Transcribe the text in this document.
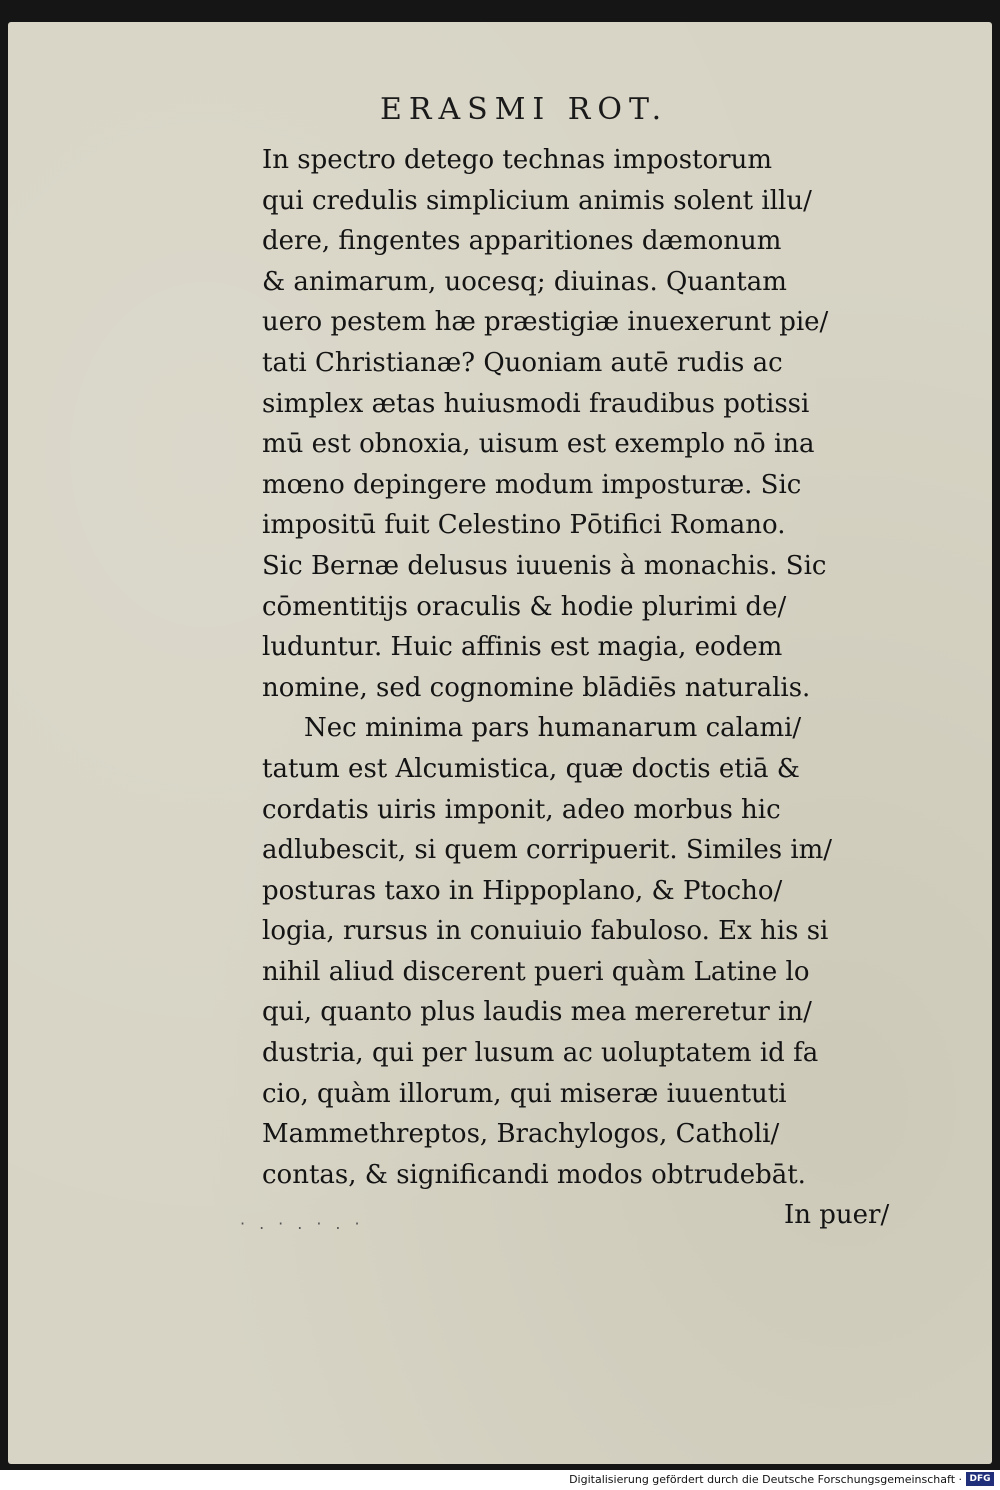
ERASMI ROT.
In spectro detego technas impostorum
qui credulis simplicium animis solent illu/
dere, fingentes apparitiones dæmonum
& animarum, uocesq; diuinas. Quantam
uero pestem hæ præstigiæ inuexerunt pie/
tati Christianæ? Quoniam autē rudis ac
simplex ætas huiusmodi fraudibus potissi
mū est obnoxia, uisum est exemplo nō ina
mœno depingere modum imposturæ. Sic
impositū fuit Celestino Pōtifici Romano.
Sic Bernæ delusus iuuenis à monachis. Sic
cōmentitijs oraculis & hodie plurimi de/
luduntur. Huic affinis est magia, eodem
nomine, sed cognomine blādiēs naturalis.
Nec minima pars humanarum calami/
tatum est Alcumistica, quæ doctis etiā &
cordatis uiris imponit, adeo morbus hic
adlubescit, si quem corripuerit. Similes im/
posturas taxo in Hippoplano, & Ptocho/
logia, rursus in conuiuio fabuloso. Ex his si
nihil aliud discerent pueri quàm Latine lo
qui, quanto plus laudis mea mereretur in/
dustria, qui per lusum ac uoluptatem id fa
cio, quàm illorum, qui miseræ iuuentuti
Mammethreptos, Brachylogos, Catholi/
contas, & significandi modos obtrudebāt.
In puer/
·.·.·.·
Digitalisierung gefördert durch die Deutsche Forschungsgemeinschaft · DFG
